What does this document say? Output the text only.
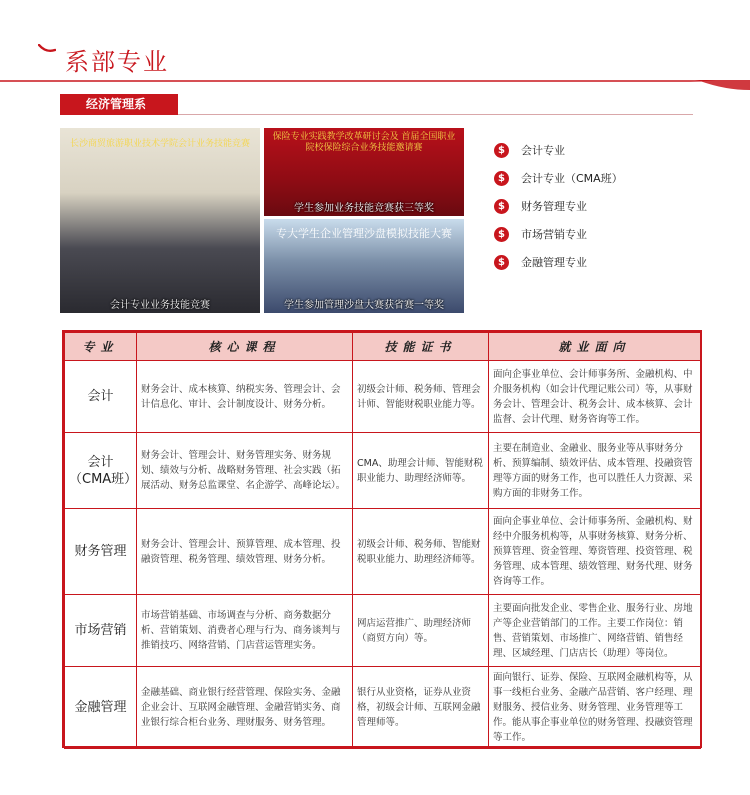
系部专业
经济管理系
长沙商贸旅游职业技术学院会计业务技能竞赛
会计专业业务技能竞赛
保险专业实践教学改革研讨会及 首届全国职业院校保险综合业务技能邀请赛
学生参加业务技能竞赛获三等奖
专大学生企业管理沙盘模拟技能大赛
学生参加管理沙盘大赛获省赛一等奖
$	会计专业
$	会计专业（CMA班）
$	财务管理专业
$	市场营销专业
$	金融管理专业
专业	核心课程	技能证书	就业面向
会计	财务会计、成本核算、纳税实务、管理会计、会计信息化、审计、会计制度设计、财务分析。	初级会计师、税务师、管理会计师、智能财税职业能力等。	面向企事业单位、会计师事务所、金融机构、中介服务机构（如会计代理记账公司）等，从事财务会计、管理会计、税务会计、成本核算、会计监督、会计代理、财务咨询等工作。
会计（CMA班）	财务会计、管理会计、财务管理实务、财务规划、绩效与分析、战略财务管理、社会实践（拓展活动、财务总监课堂、名企游学、高峰论坛）。	CMA、助理会计师、智能财税职业能力、助理经济师等。	主要在制造业、金融业、服务业等从事财务分析、预算编制、绩效评估、成本管理、投融资管理等方面的财务工作，也可以胜任人力资源、采购方面的非财务工作。
财务管理	财务会计、管理会计、预算管理、成本管理、投融资管理、税务管理、绩效管理、财务分析。	初级会计师、税务师、智能财税职业能力、助理经济师等。	面向企事业单位、会计师事务所、金融机构、财经中介服务机构等，从事财务核算、财务分析、预算管理、资金管理、筹资管理、投资管理、税务管理、成本管理、绩效管理、财务代理、财务咨询等工作。
市场营销	市场营销基础、市场调查与分析、商务数据分析、营销策划、消费者心理与行为、商务谈判与推销技巧、网络营销、门店营运管理实务。	网店运营推广、助理经济师（商贸方向）等。	主要面向批发企业、零售企业、服务行业、房地产等企业营销部门的工作。主要工作岗位：销售、营销策划、市场推广、网络营销、销售经理、区域经理、门店店长（助理）等岗位。
金融管理	金融基础、商业银行经营管理、保险实务、金融企业会计、互联网金融管理、金融营销实务、商业银行综合柜台业务、理财服务、财务管理。	银行从业资格，证券从业资格，初级会计师、互联网金融管理师等。	面向银行、证券、保险、互联网金融机构等，从事一线柜台业务、金融产品营销、客户经理、理财服务、授信业务、财务管理、业务管理等工作。能从事企事业单位的财务管理、投融资管理等工作。
